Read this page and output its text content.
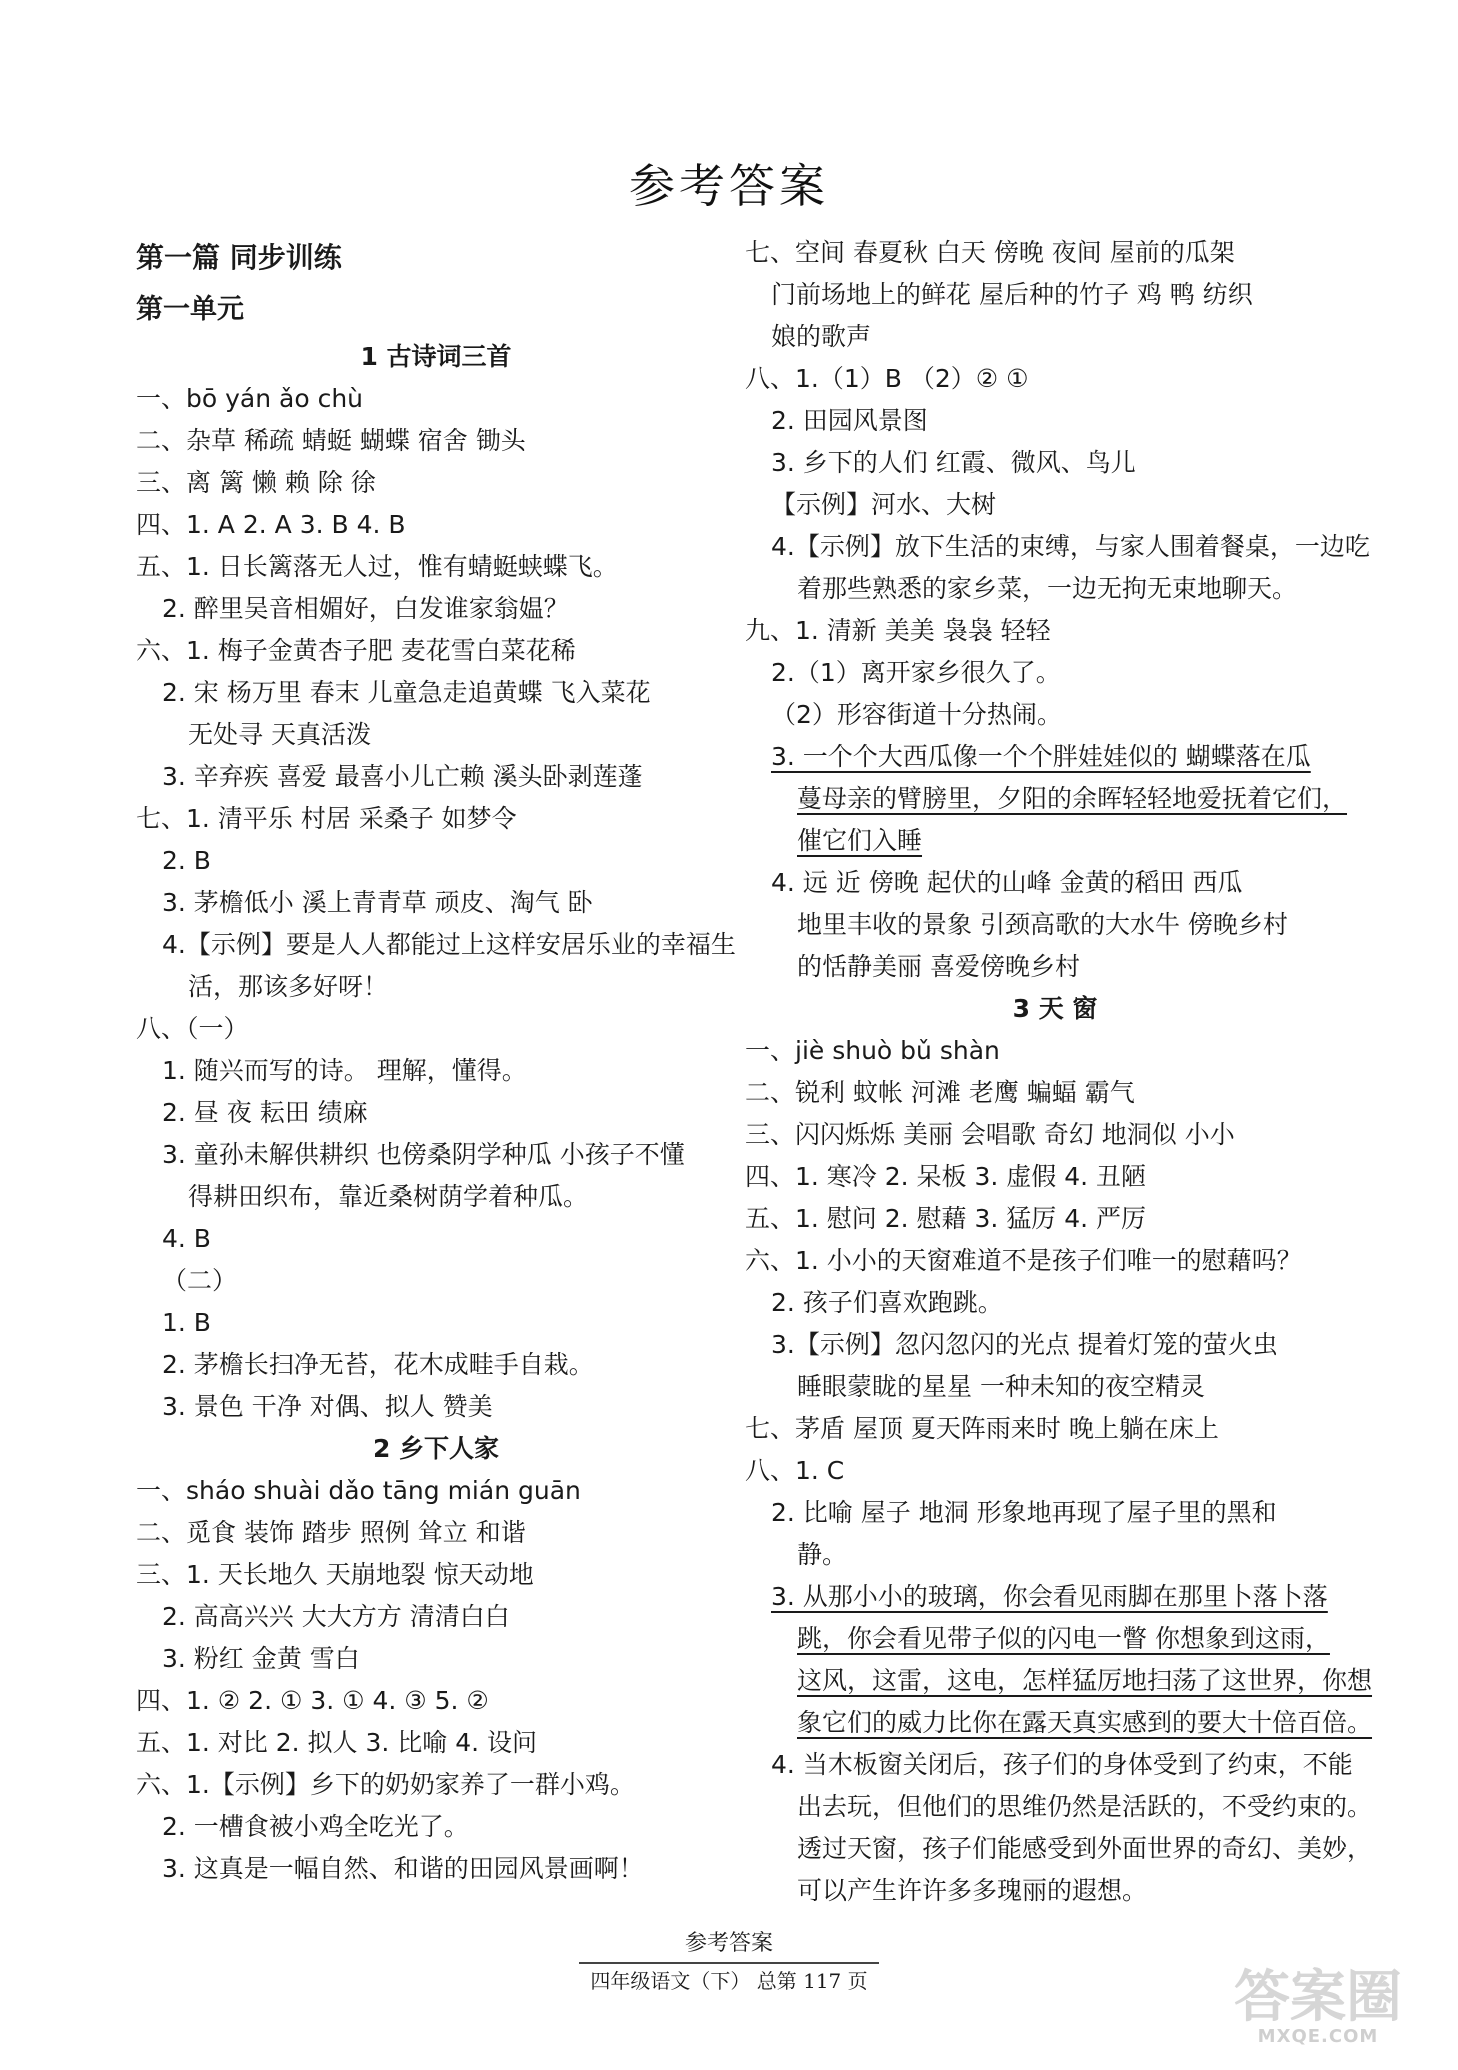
参考答案
第一篇 同步训练
第一单元
1 古诗词三首
一、bō yán ǎo chù
二、杂草 稀疏 蜻蜓 蝴蝶 宿舍 锄头
三、离 篱 懒 赖 除 徐
四、1. A 2. A 3. B 4. B
五、1. 日长篱落无人过，惟有蜻蜓蛱蝶飞。
2. 醉里吴音相媚好，白发谁家翁媪？
六、1. 梅子金黄杏子肥 麦花雪白菜花稀
2. 宋 杨万里 春末 儿童急走追黄蝶 飞入菜花
无处寻 天真活泼
3. 辛弃疾 喜爱 最喜小儿亡赖 溪头卧剥莲蓬
七、1. 清平乐 村居 采桑子 如梦令
2. B
3. 茅檐低小 溪上青青草 顽皮、淘气 卧
4.【示例】要是人人都能过上这样安居乐业的幸福生
活，那该多好呀！
八、（一）
1. 随兴而写的诗。 理解，懂得。
2. 昼 夜 耘田 绩麻
3. 童孙未解供耕织 也傍桑阴学种瓜 小孩子不懂
得耕田织布，靠近桑树荫学着种瓜。
4. B
（二）
1. B
2. 茅檐长扫净无苔，花木成畦手自栽。
3. 景色 干净 对偶、拟人 赞美
2 乡下人家
一、sháo shuài dǎo tāng mián guān
二、觅食 装饰 踏步 照例 耸立 和谐
三、1. 天长地久 天崩地裂 惊天动地
2. 高高兴兴 大大方方 清清白白
3. 粉红 金黄 雪白
四、1. ② 2. ① 3. ① 4. ③ 5. ②
五、1. 对比 2. 拟人 3. 比喻 4. 设问
六、1.【示例】乡下的奶奶家养了一群小鸡。
2. 一槽食被小鸡全吃光了。
3. 这真是一幅自然、和谐的田园风景画啊！
七、空间 春夏秋 白天 傍晚 夜间 屋前的瓜架
门前场地上的鲜花 屋后种的竹子 鸡 鸭 纺织
娘的歌声
八、1.（1）B （2）② ①
2. 田园风景图
3. 乡下的人们 红霞、微风、鸟儿
【示例】河水、大树
4.【示例】放下生活的束缚，与家人围着餐桌，一边吃
着那些熟悉的家乡菜，一边无拘无束地聊天。
九、1. 清新 美美 袅袅 轻轻
2.（1）离开家乡很久了。
（2）形容街道十分热闹。
3. 一个个大西瓜像一个个胖娃娃似的 蝴蝶落在瓜
蔓母亲的臂膀里，夕阳的余晖轻轻地爱抚着它们，
催它们入睡
4. 远 近 傍晚 起伏的山峰 金黄的稻田 西瓜
地里丰收的景象 引颈高歌的大水牛 傍晚乡村
的恬静美丽 喜爱傍晚乡村
3 天 窗
一、jiè shuò bǔ shàn
二、锐利 蚊帐 河滩 老鹰 蝙蝠 霸气
三、闪闪烁烁 美丽 会唱歌 奇幻 地洞似 小小
四、1. 寒冷 2. 呆板 3. 虚假 4. 丑陋
五、1. 慰问 2. 慰藉 3. 猛厉 4. 严厉
六、1. 小小的天窗难道不是孩子们唯一的慰藉吗？
2. 孩子们喜欢跑跳。
3.【示例】忽闪忽闪的光点 提着灯笼的萤火虫
睡眼蒙眬的星星 一种未知的夜空精灵
七、茅盾 屋顶 夏天阵雨来时 晚上躺在床上
八、1. C
2. 比喻 屋子 地洞 形象地再现了屋子里的黑和
静。
3. 从那小小的玻璃，你会看见雨脚在那里卜落卜落
跳，你会看见带子似的闪电一瞥 你想象到这雨，
这风，这雷，这电，怎样猛厉地扫荡了这世界，你想
象它们的威力比你在露天真实感到的要大十倍百倍。
4. 当木板窗关闭后，孩子们的身体受到了约束，不能
出去玩，但他们的思维仍然是活跃的，不受约束的。
透过天窗，孩子们能感受到外面世界的奇幻、美妙，
可以产生许许多多瑰丽的遐想。
参考答案
四年级语文（下） 总第 117 页	答案圈
MXQE.COM
